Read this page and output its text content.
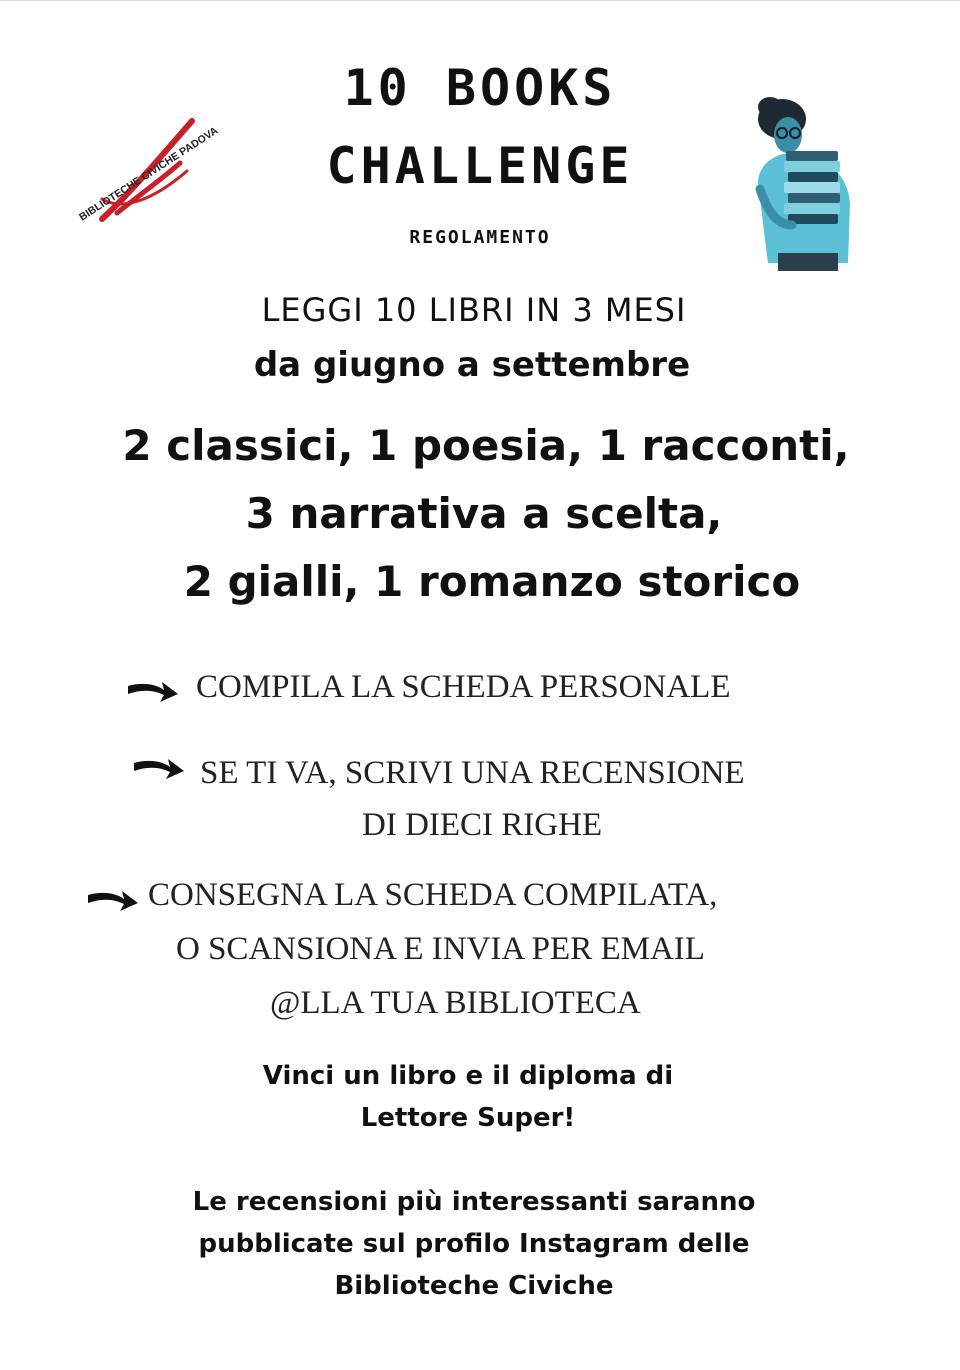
BIBLIOTECHE CIVICHE PADOVA
10 BOOKS
CHALLENGE
REGOLAMENTO
LEGGI 10 LIBRI IN 3 MESI
da giugno a settembre
2 classici, 1 poesia, 1 racconti,
3 narrativa a scelta,
2 gialli, 1 romanzo storico
COMPILA LA SCHEDA PERSONALE
SE TI VA, SCRIVI UNA RECENSIONE
DI DIECI RIGHE
CONSEGNA LA SCHEDA COMPILATA,
O SCANSIONA E INVIA PER EMAIL
@LLA TUA BIBLIOTECA
Vinci un libro e il diploma di
Lettore Super!
Le recensioni più interessanti saranno
pubblicate sul profilo Instagram delle
Biblioteche Civiche
